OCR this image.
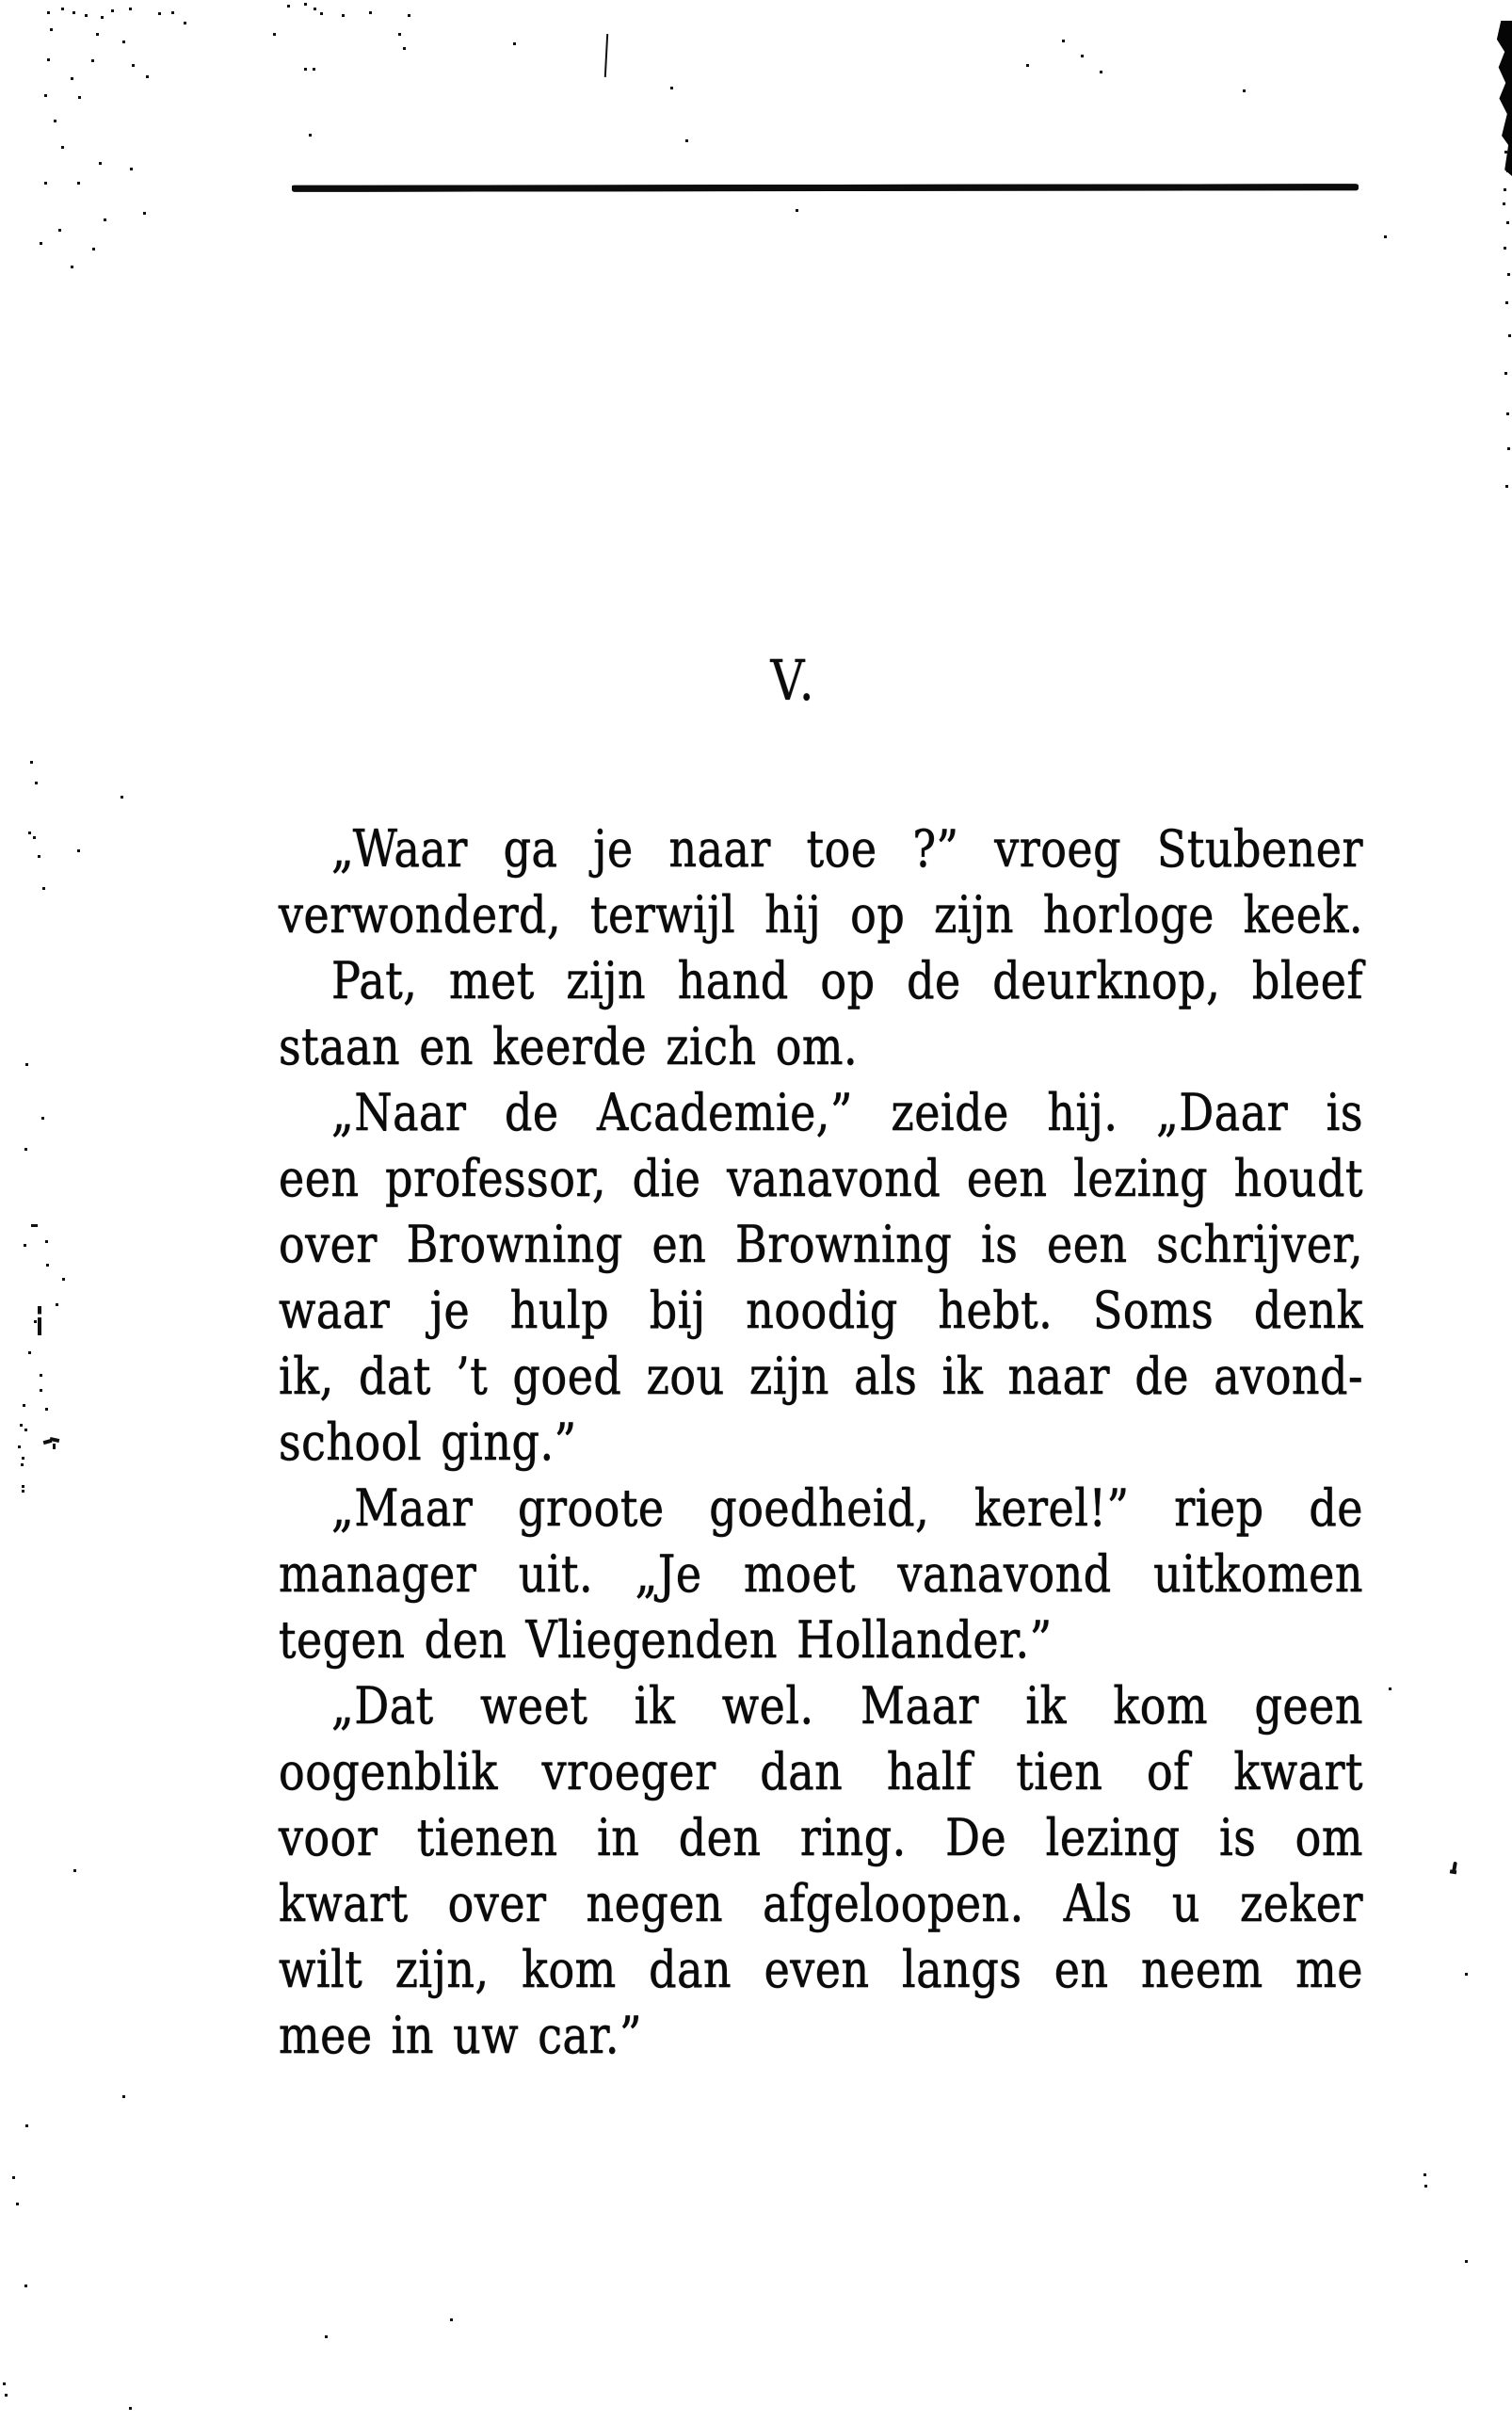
V.

„Waar ga je naar toe ?” vroeg Stubener

verwonderd, terwijl hij op zijn horloge keek.

Pat, met zijn hand op de deurknop, bleef

staan en keerde zich om.

„Naar de Academie,” zeide hij. „Daar is

een professor, die vanavond een lezing houdt

over Browning en Browning is een schrijver,

waar je hulp bij noodig hebt. Soms denk

ik, dat ’t goed zou zijn als ik naar de avond-

school ging.”

„Maar groote goedheid, kerel!” riep de

manager uit. „Je moet vanavond uitkomen

tegen den Vliegenden Hollander.”

„Dat weet ik wel. Maar ik kom geen

oogenblik vroeger dan half tien of kwart

voor tienen in den ring. De lezing is om

kwart over negen afgeloopen. Als u zeker

wilt zijn, kom dan even langs en neem me

mee in uw car.”
